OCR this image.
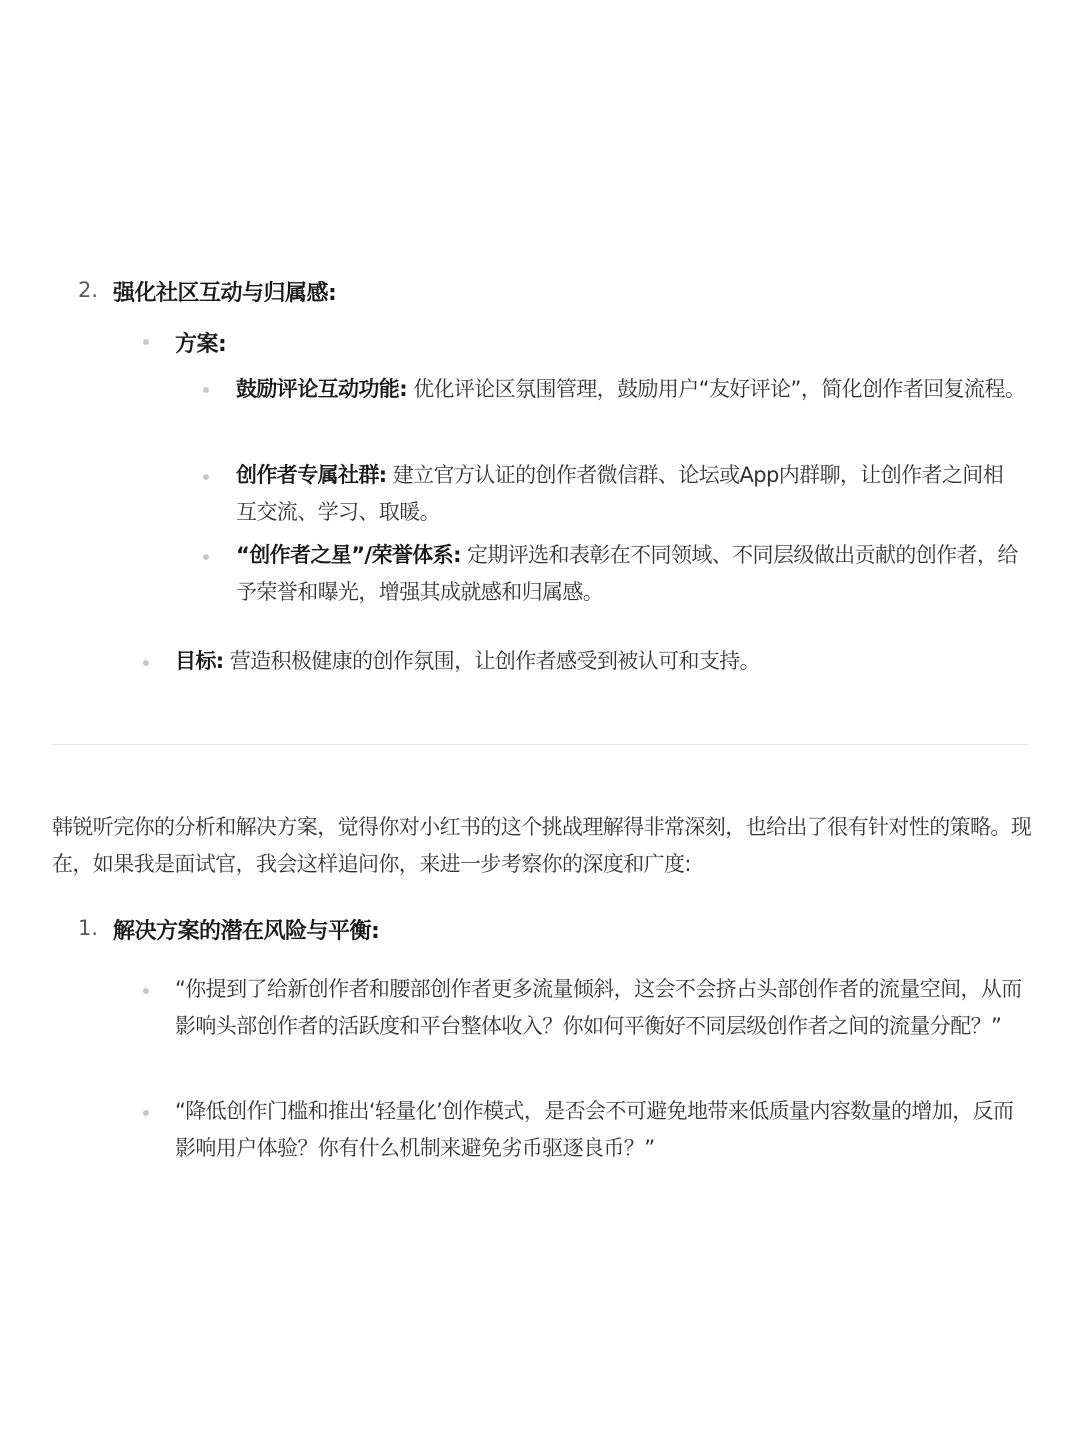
2. 强化社区互动与归属感:
方案:
鼓励评论互动功能: 优化评论区氛围管理，鼓励用户“友好评论”，简化创作者回复流程。
创作者专属社群: 建立官方认证的创作者微信群、论坛或App内群聊，让创作者之间相互交流、学习、取暖。
“创作者之星”/荣誉体系: 定期评选和表彰在不同领域、不同层级做出贡献的创作者，给予荣誉和曝光，增强其成就感和归属感。
目标: 营造积极健康的创作氛围，让创作者感受到被认可和支持。
韩锐听完你的分析和解决方案，觉得你对小红书的这个挑战理解得非常深刻，也给出了很有针对性的策略。现在，如果我是面试官，我会这样追问你，来进一步考察你的深度和广度:
1. 解决方案的潜在风险与平衡:
“你提到了给新创作者和腰部创作者更多流量倾斜，这会不会挤占头部创作者的流量空间，从而影响头部创作者的活跃度和平台整体收入？你如何平衡好不同层级创作者之间的流量分配？”
“降低创作门槛和推出‘轻量化’创作模式，是否会不可避免地带来低质量内容数量的增加，反而影响用户体验？你有什么机制来避免劣币驱逐良币？”
